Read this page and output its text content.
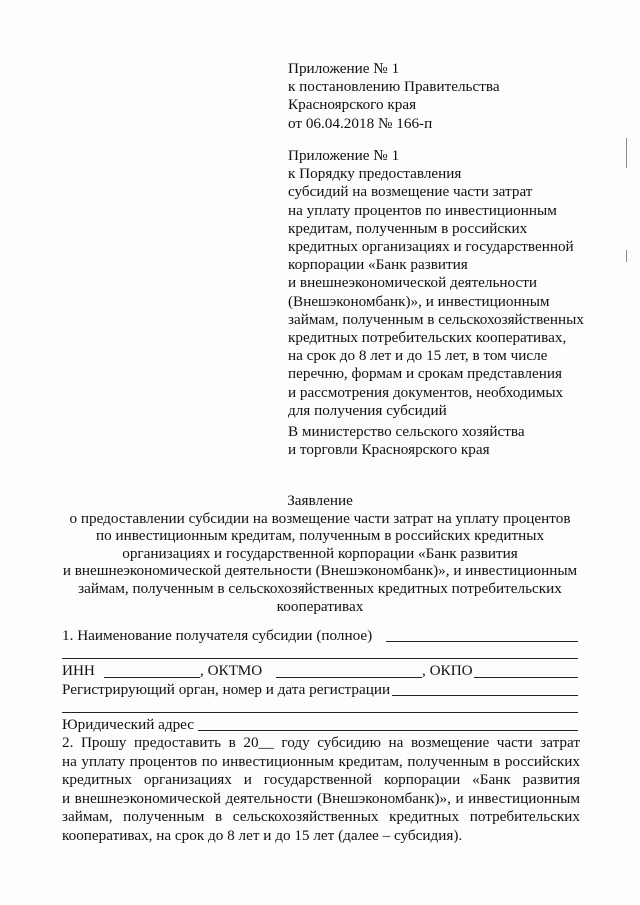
Приложение № 1
к постановлению Правительства
Красноярского края
от 06.04.2018 № 166-п
Приложение № 1
к Порядку предоставления
субсидий на возмещение части затрат
на уплату процентов по инвестиционным
кредитам, полученным в российских
кредитных организациях и государственной
корпорации «Банк развития
и внешнеэкономической деятельности
(Внешэкономбанк)», и инвестиционным
займам, полученным в сельскохозяйственных
кредитных потребительских кооперативах,
на срок до 8 лет и до 15 лет, в том числе
перечню, формам и срокам представления
и рассмотрения документов, необходимых
для получения субсидий
В министерство сельского хозяйства
и торговли Красноярского края
Заявление
о предоставлении субсидии на возмещение части затрат на уплату процентов
по инвестиционным кредитам, полученным в российских кредитных
организациях и государственной корпорации «Банк развития
и внешнеэкономической деятельности (Внешэкономбанк)», и инвестиционным
займам, полученным в сельскохозяйственных кредитных потребительских
кооперативах
1. Наименование получателя субсидии (полное)
ИНН	, ОКТМО	, ОКПО
Регистрирующий орган, номер и дата регистрации
Юридический адрес
2. Прошу предоставить в 20__ году субсидию на возмещение части затрат
на уплату процентов по инвестиционным кредитам, полученным в российских
кредитных организациях и государственной корпорации «Банк развития
и внешнеэкономической деятельности (Внешэкономбанк)», и инвестиционным
займам, полученным в сельскохозяйственных кредитных потребительских
кооперативах, на срок до 8 лет и до 15 лет (далее – субсидия).
